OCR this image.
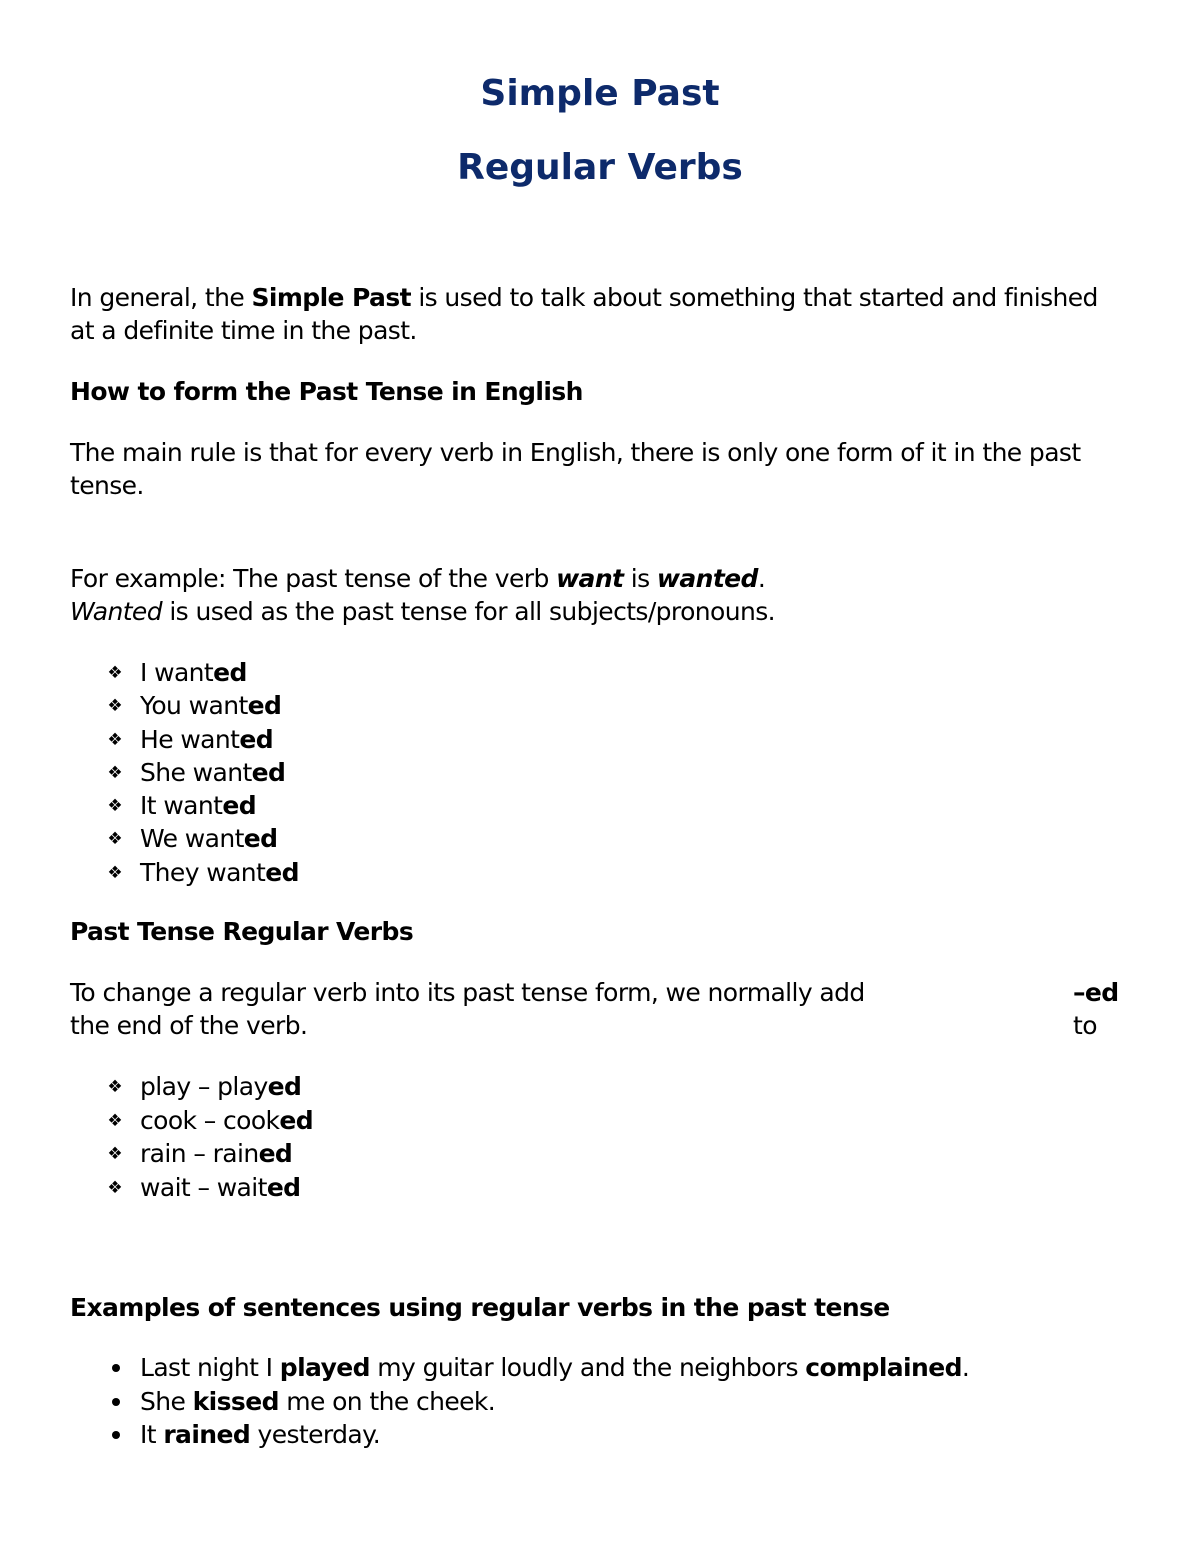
Simple Past
Regular Verbs
In general, the Simple Past is used to talk about something that started and finished
at a definite time in the past.
How to form the Past Tense in English
The main rule is that for every verb in English, there is only one form of it in the past
tense.
For example: The past tense of the verb want is wanted.
Wanted is used as the past tense for all subjects/pronouns.
❖ I wanted
❖ You wanted
❖ He wanted
❖ She wanted
❖ It wanted
❖ We wanted
❖ They wanted
Past Tense Regular Verbs
To change a regular verb into its past tense form, we normally add	–ed to

the end of the verb.
❖ play – played
❖ cook – cooked
❖ rain – rained
❖ wait – waited
Examples of sentences using regular verbs in the past tense
Last night I played my guitar loudly and the neighbors complained.
She kissed me on the cheek.
It rained yesterday.
